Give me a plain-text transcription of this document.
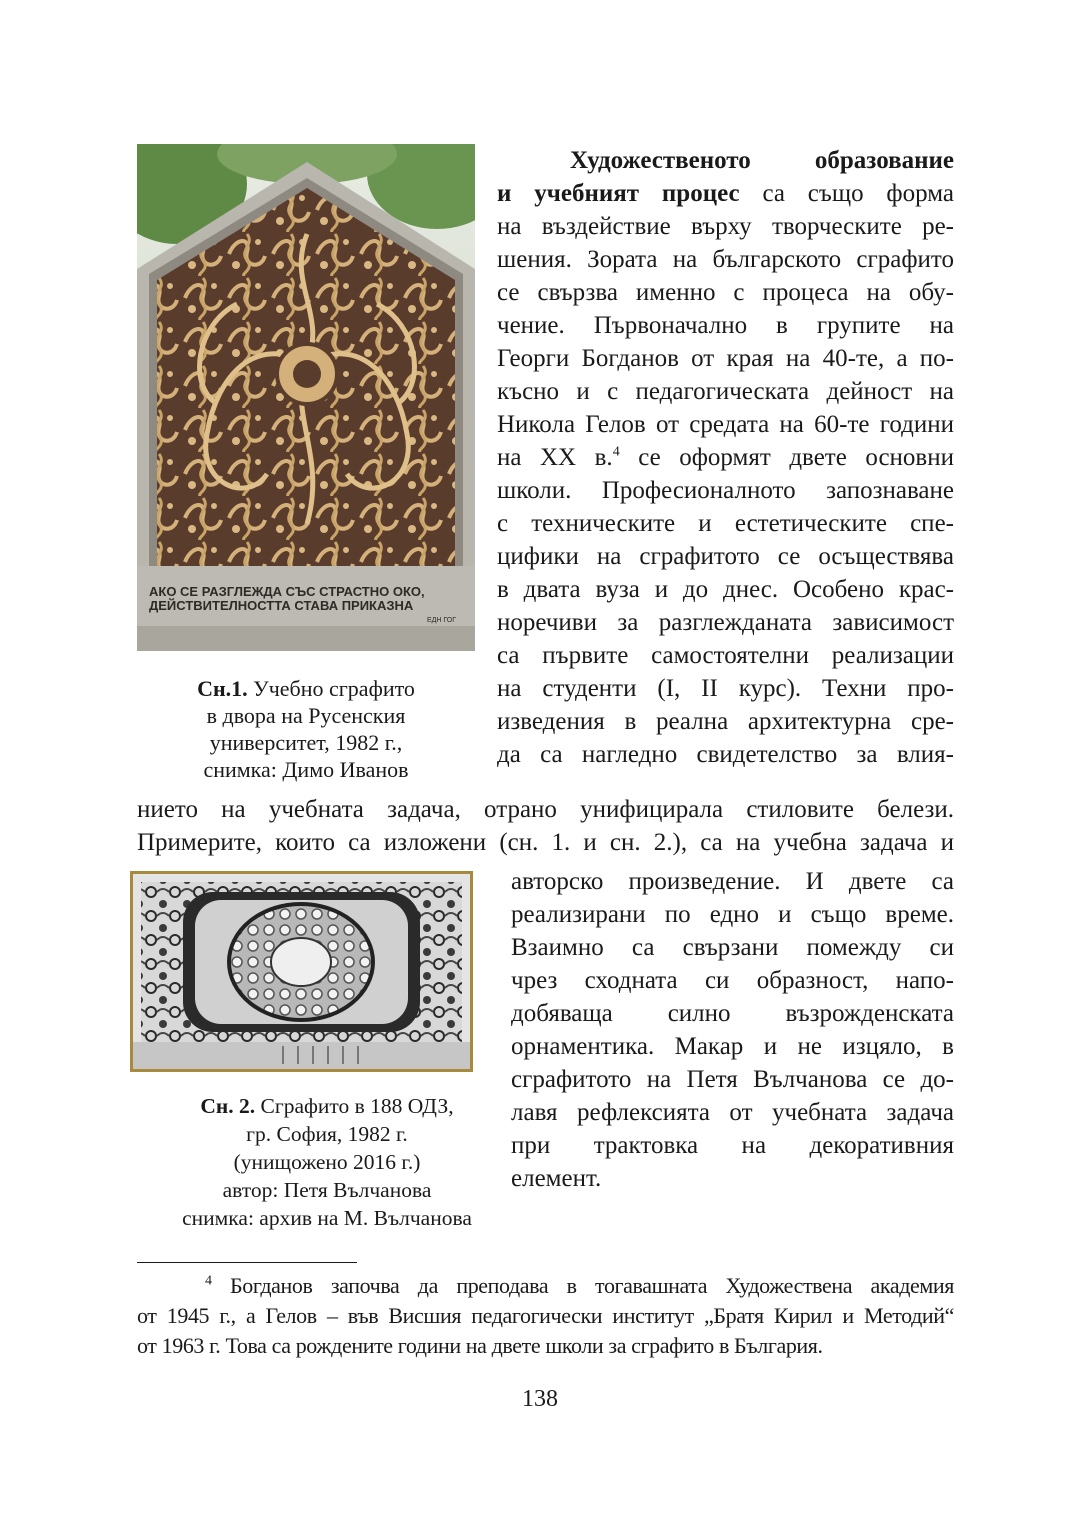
АКО СЕ РАЗГЛЕЖДА СЪС СТРАСТНО ОКО,
ДЕЙСТВИТЕЛНОСТТА СТАВА ПРИКАЗНА
ЕДН ГОГ
Сн.1. Учебно сграфито
в двора на Русенския
университет, 1982 г.,
снимка: Димо Иванов
Сн. 2. Сграфито в 188 ОДЗ,
гр. София, 1982 г.
(унищожено 2016 г.)
автор: Петя Вълчанова
снимка: архив на М. Вълчанова
Художественото образование
и учебният процес са също форма
на въздействие върху творческите ре-
шения. Зората на българското сграфито
се свързва именно с процеса на обу-
чение. Първоначално в групите на
Георги Богданов от края на 40-те, а по-
късно и с педагогическата дейност на
Никола Гелов от средата на 60-те години
на XX в.$^4$ се оформят двете основни
школи. Професионалното запознаване
с техническите и естетическите спе-
цифики на сграфитото се осъществява
в двата вуза и до днес. Особено крас-
норечиви за разглежданата зависимост
са първите самостоятелни реализации
на студенти (I, II курс). Техни про-
изведения в реална архитектурна сре-
да са нагледно свидетелство за влия-
нието на учебната задача, отрано унифицирала стиловите белези.
Примерите, които са изложени (сн. 1. и сн. 2.), са на учебна задача и
авторско произведение. И двете са
реализирани по едно и също време.
Взаимно са свързани помежду си
чрез сходната си образност, напо-
добяваща силно възрожденската
орнаментика. Макар и не изцяло, в
сграфитото на Петя Вълчанова се до-
лавя рефлексията от учебната задача
при трактовка на декоративния
елемент.
$^4$ Богданов започва да преподава в тогавашната Художествена академия
от 1945 г., а Гелов – във Висшия педагогически институт „Братя Кирил и Методий“
от 1963 г. Това са рождените години на двете школи за сграфито в България.
138
